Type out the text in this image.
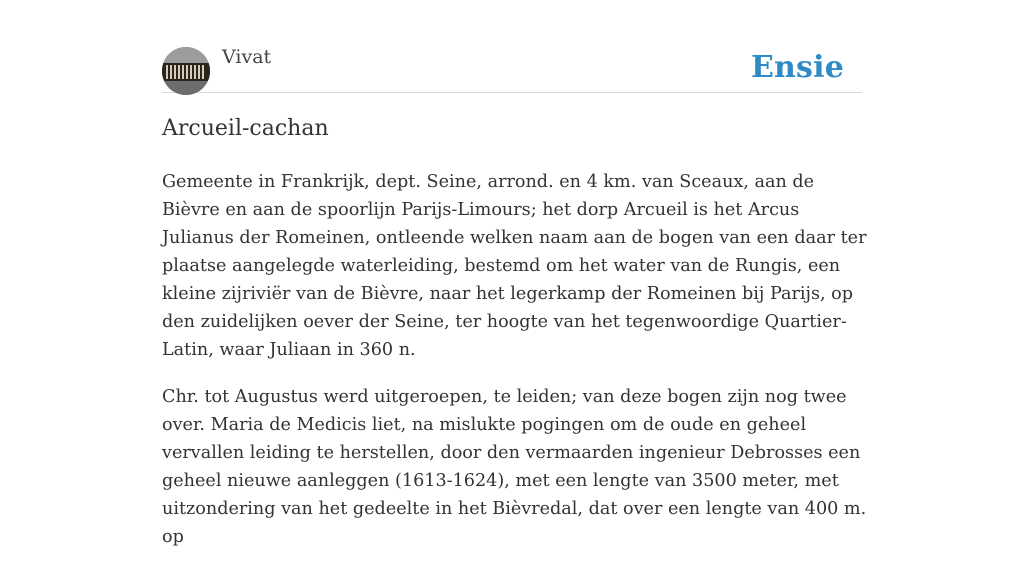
Vivat	Ensie
Arcueil-cachan

Gemeente in Frankrijk, dept. Seine, arrond. en 4 km. van Sceaux, aan de Bièvre en aan de spoorlijn Parijs-Limours; het dorp Arcueil is het Arcus Julianus der Romeinen, ontleende welken naam aan de bogen van een daar ter plaatse aangelegde waterleiding, bestemd om het water van de Rungis, een kleine zijriviër van de Bièvre, naar het legerkamp der Romeinen bij Parijs, op den zuidelijken oever der Seine, ter hoogte van het tegenwoordige Quartier-Latin, waar Juliaan in 360 n.

Chr. tot Augustus werd uitgeroepen, te leiden; van deze bogen zijn nog twee over. Maria de Medicis liet, na mislukte pogingen om de oude en geheel vervallen leiding te herstellen, door den vermaarden ingenieur Debrosses een geheel nieuwe aanleggen (1613-1624), met een lengte van 3500 meter, met uitzondering van het gedeelte in het Bièvredal, dat over een lengte van 400 m. op
